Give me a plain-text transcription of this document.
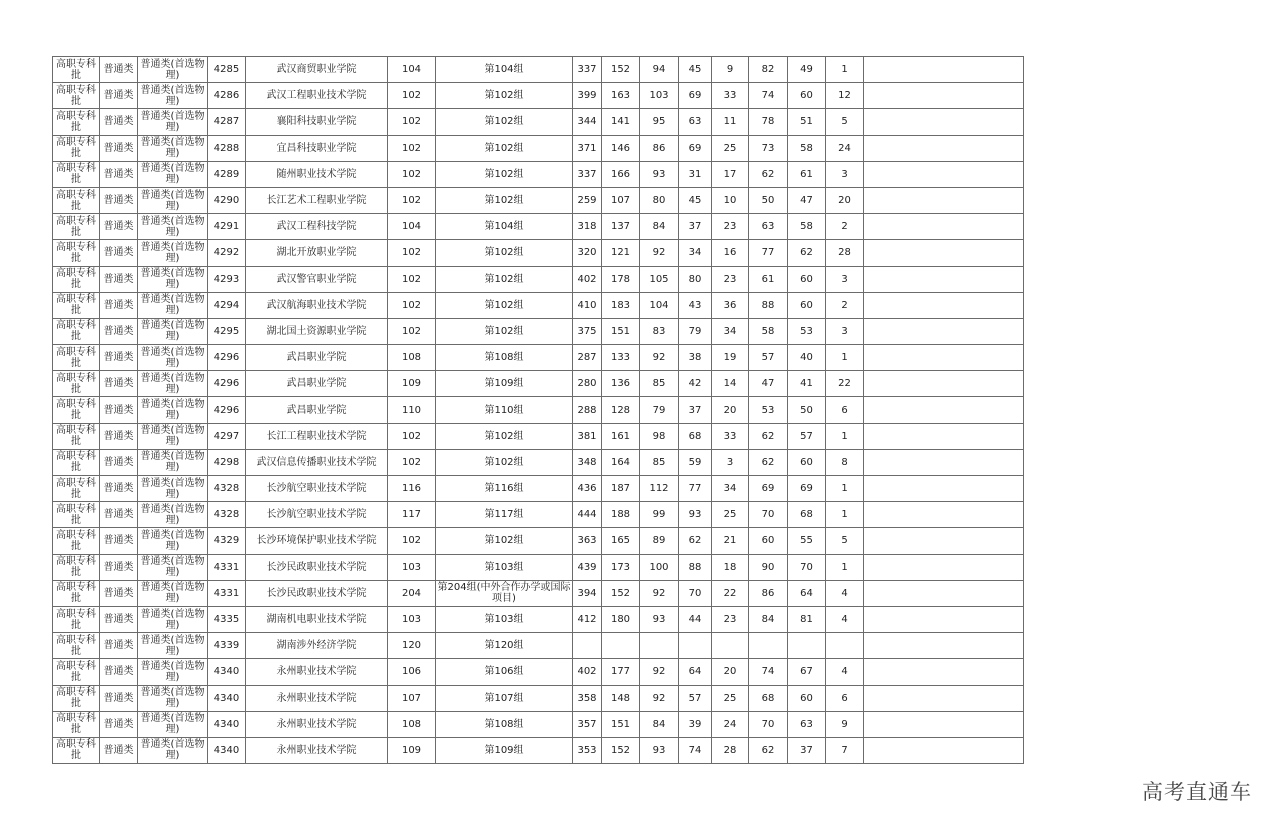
高职专科批	普通类	普通类(首选物理)	4285	武汉商贸职业学院	104	第104组	337	152	94	45	9	82	49	1	
高职专科批	普通类	普通类(首选物理)	4286	武汉工程职业技术学院	102	第102组	399	163	103	69	33	74	60	12	
高职专科批	普通类	普通类(首选物理)	4287	襄阳科技职业学院	102	第102组	344	141	95	63	11	78	51	5	
高职专科批	普通类	普通类(首选物理)	4288	宜昌科技职业学院	102	第102组	371	146	86	69	25	73	58	24	
高职专科批	普通类	普通类(首选物理)	4289	随州职业技术学院	102	第102组	337	166	93	31	17	62	61	3	
高职专科批	普通类	普通类(首选物理)	4290	长江艺术工程职业学院	102	第102组	259	107	80	45	10	50	47	20	
高职专科批	普通类	普通类(首选物理)	4291	武汉工程科技学院	104	第104组	318	137	84	37	23	63	58	2	
高职专科批	普通类	普通类(首选物理)	4292	湖北开放职业学院	102	第102组	320	121	92	34	16	77	62	28	
高职专科批	普通类	普通类(首选物理)	4293	武汉警官职业学院	102	第102组	402	178	105	80	23	61	60	3	
高职专科批	普通类	普通类(首选物理)	4294	武汉航海职业技术学院	102	第102组	410	183	104	43	36	88	60	2	
高职专科批	普通类	普通类(首选物理)	4295	湖北国土资源职业学院	102	第102组	375	151	83	79	34	58	53	3	
高职专科批	普通类	普通类(首选物理)	4296	武昌职业学院	108	第108组	287	133	92	38	19	57	40	1	
高职专科批	普通类	普通类(首选物理)	4296	武昌职业学院	109	第109组	280	136	85	42	14	47	41	22	
高职专科批	普通类	普通类(首选物理)	4296	武昌职业学院	110	第110组	288	128	79	37	20	53	50	6	
高职专科批	普通类	普通类(首选物理)	4297	长江工程职业技术学院	102	第102组	381	161	98	68	33	62	57	1	
高职专科批	普通类	普通类(首选物理)	4298	武汉信息传播职业技术学院	102	第102组	348	164	85	59	3	62	60	8	
高职专科批	普通类	普通类(首选物理)	4328	长沙航空职业技术学院	116	第116组	436	187	112	77	34	69	69	1	
高职专科批	普通类	普通类(首选物理)	4328	长沙航空职业技术学院	117	第117组	444	188	99	93	25	70	68	1	
高职专科批	普通类	普通类(首选物理)	4329	长沙环境保护职业技术学院	102	第102组	363	165	89	62	21	60	55	5	
高职专科批	普通类	普通类(首选物理)	4331	长沙民政职业技术学院	103	第103组	439	173	100	88	18	90	70	1	
高职专科批	普通类	普通类(首选物理)	4331	长沙民政职业技术学院	204	第204组(中外合作办学或国际项目)	394	152	92	70	22	86	64	4	
高职专科批	普通类	普通类(首选物理)	4335	湖南机电职业技术学院	103	第103组	412	180	93	44	23	84	81	4	
高职专科批	普通类	普通类(首选物理)	4339	湖南涉外经济学院	120	第120组									
高职专科批	普通类	普通类(首选物理)	4340	永州职业技术学院	106	第106组	402	177	92	64	20	74	67	4	
高职专科批	普通类	普通类(首选物理)	4340	永州职业技术学院	107	第107组	358	148	92	57	25	68	60	6	
高职专科批	普通类	普通类(首选物理)	4340	永州职业技术学院	108	第108组	357	151	84	39	24	70	63	9	
高职专科批	普通类	普通类(首选物理)	4340	永州职业技术学院	109	第109组	353	152	93	74	28	62	37	7	
高考直通车
